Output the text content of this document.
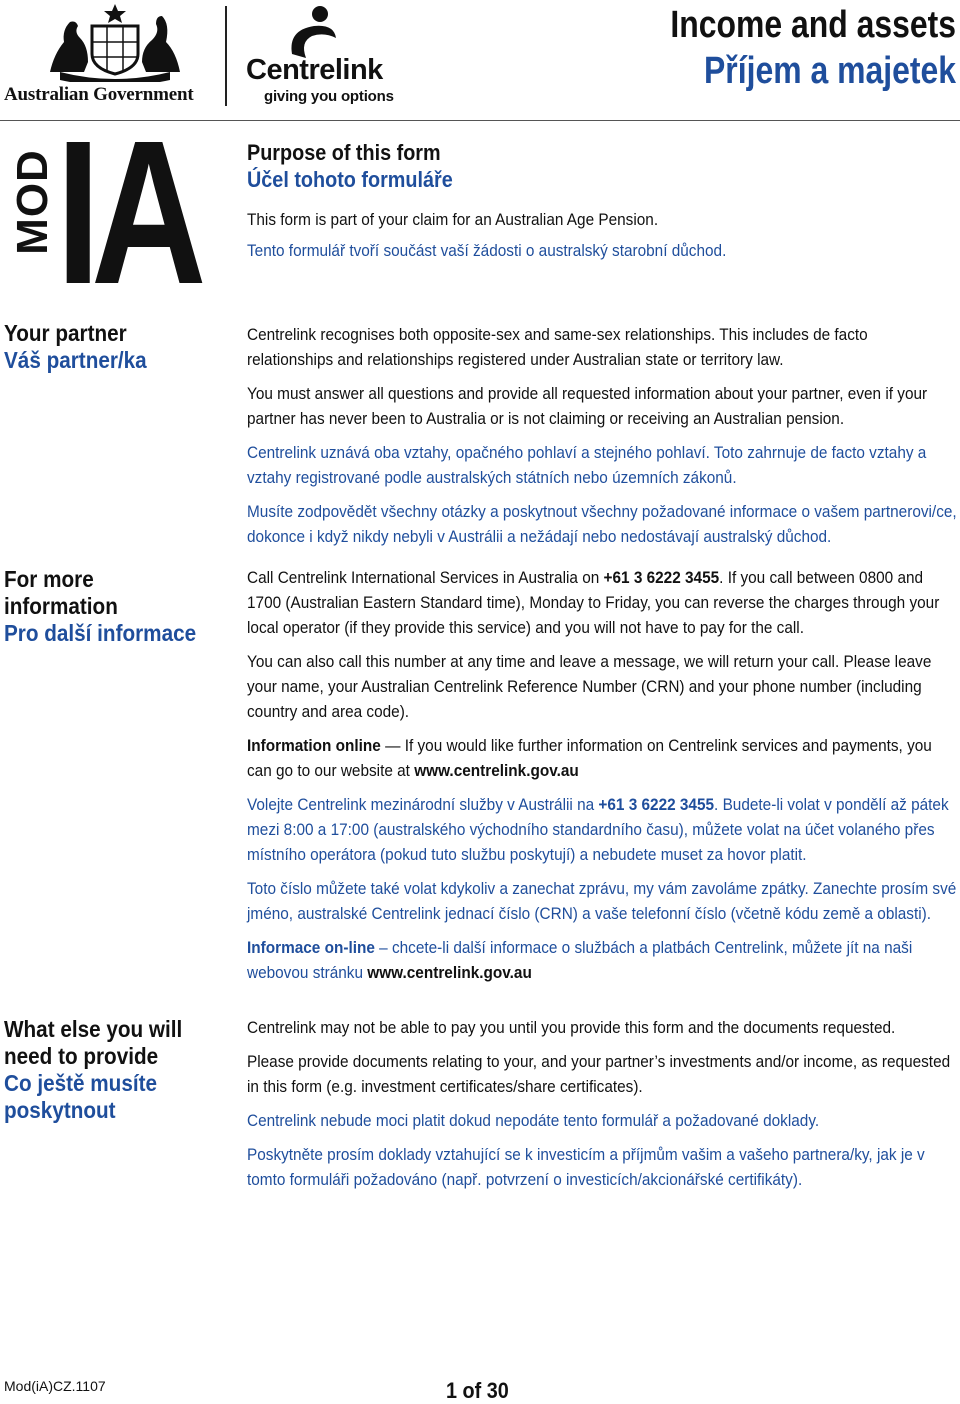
Australian Government
Centrelink
giving you options
Income and assets
Příjem a majetek
MOD IA Purpose of this form
Účel tohoto formuláře
This form is part of your claim for an Australian Age Pension.
Tento formulář tvoří součást vaší žádosti o australský starobní důchod.
Your partner
Váš partner/ka

Centrelink recognises both opposite-sex and same-sex relationships. This includes de facto relationships and relationships registered under Australian state or territory law.

You must answer all questions and provide all requested information about your partner, even if your partner has never been to Australia or is not claiming or receiving an Australian pension.

Centrelink uznává oba vztahy, opačného pohlaví a stejného pohlaví. Toto zahrnuje de facto vztahy a vztahy registrované podle australských státních nebo územních zákonů.

Musíte zodpovědět všechny otázky a poskytnout všechny požadované informace o vašem partnerovi/ce, dokonce i když nikdy nebyli v Austrálii a nežádají nebo nedostávají australský důchod.

For more information
Pro další informace

Call Centrelink International Services in Australia on +61 3 6222 3455. If you call between 0800 and 1700 (Australian Eastern Standard time), Monday to Friday, you can reverse the charges through your local operator (if they provide this service) and you will not have to pay for the call.

You can also call this number at any time and leave a message, we will return your call. Please leave your name, your Australian Centrelink Reference Number (CRN) and your phone number (including country and area code).

Information online — If you would like further information on Centrelink services and payments, you can go to our website at www.centrelink.gov.au

Volejte Centrelink mezinárodní služby v Austrálii na +61 3 6222 3455. Budete-li volat v pondělí až pátek mezi 8:00 a 17:00 (australského východního standardního času), můžete volat na účet volaného přes místního operátora (pokud tuto službu poskytují) a nebudete muset za hovor platit.

Toto číslo můžete také volat kdykoliv a zanechat zprávu, my vám zavoláme zpátky. Zanechte prosím své jméno, australské Centrelink jednací číslo (CRN) a vaše telefonní číslo (včetně kódu země a oblasti).

Informace on-line – chcete-li další informace o službách a platbách Centrelink, můžete jít na naši webovou stránku www.centrelink.gov.au

What else you will need to provide
Co ještě musíte poskytnout

Centrelink may not be able to pay you until you provide this form and the documents requested.

Please provide documents relating to your, and your partner’s investments and/or income, as requested in this form (e.g. investment certificates/share certificates).

Centrelink nebude moci platit dokud nepodáte tento formulář a požadované doklady.

Poskytněte prosím doklady vztahující se k investicím a příjmům vašim a vašeho partnera/ky, jak je v tomto formuláři požadováno (např. potvrzení o investicích/akcionářské certifikáty).

Mod(iA)CZ.1107	1 of 30
